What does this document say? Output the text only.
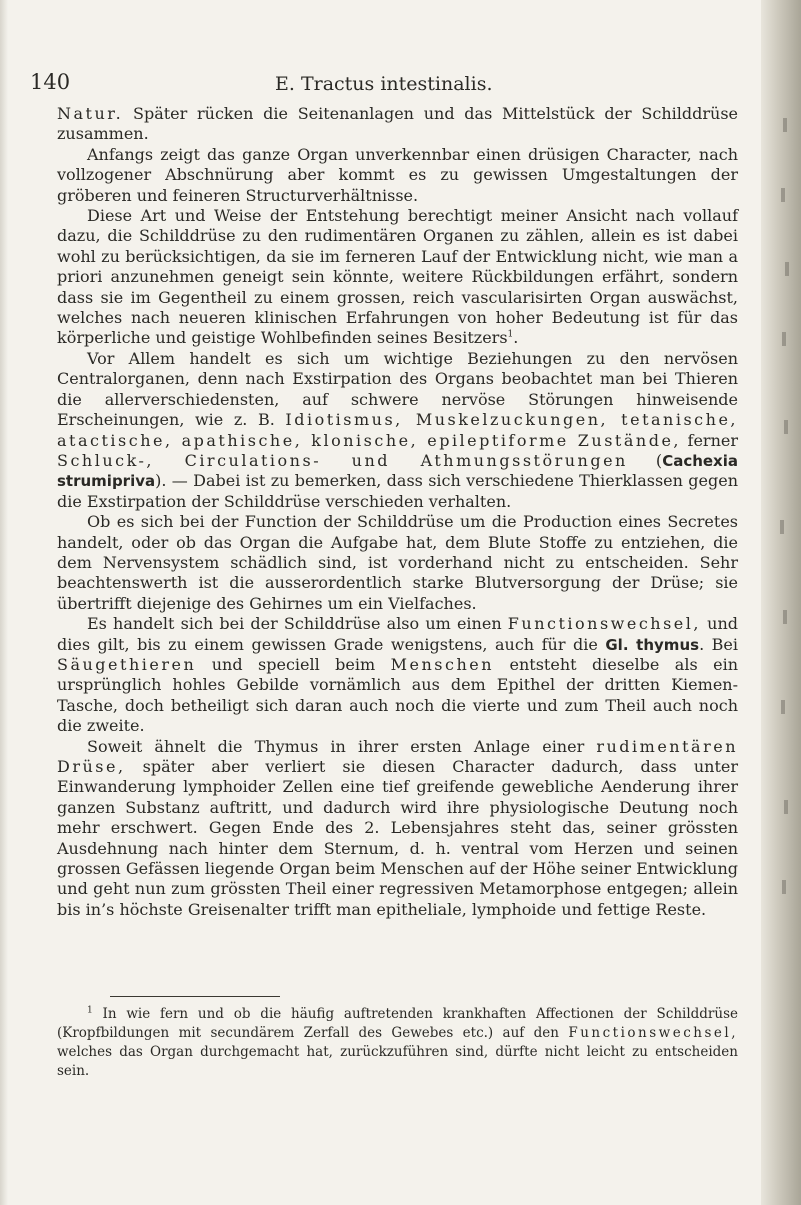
140	E. Tractus intestinalis.

Natur. Später rücken die Seitenanlagen und das Mittelstück der Schilddrüse zusammen.

Anfangs zeigt das ganze Organ unverkennbar einen drüsigen Character, nach vollzogener Abschnürung aber kommt es zu gewissen Umgestaltungen der gröberen und feineren Structurverhältnisse.

Diese Art und Weise der Entstehung berechtigt meiner Ansicht nach vollauf dazu, die Schilddrüse zu den rudimentären Organen zu zählen, allein es ist dabei wohl zu berücksichtigen, da sie im ferneren Lauf der Entwicklung nicht, wie man a priori anzunehmen geneigt sein könnte, weitere Rückbildungen erfährt, sondern dass sie im Gegentheil zu einem grossen, reich vascularisirten Organ auswächst, welches nach neueren klinischen Erfahrungen von hoher Bedeutung ist für das körperliche und geistige Wohlbefinden seines Besitzers$^1$.

Vor Allem handelt es sich um wichtige Beziehungen zu den nervösen Centralorganen, denn nach Exstirpation des Organs beobachtet man bei Thieren die allerverschiedensten, auf schwere nervöse Störungen hinweisende Erscheinungen, wie z. B. Idiotismus, Muskelzuckungen, tetanische, atactische, apathische, klonische, epileptiforme Zustände, ferner Schluck-, Circulations- und Athmungsstörungen (Cachexia strumipriva). — Dabei ist zu bemerken, dass sich verschiedene Thierklassen gegen die Exstirpation der Schilddrüse verschieden verhalten.

Ob es sich bei der Function der Schilddrüse um die Production eines Secretes handelt, oder ob das Organ die Aufgabe hat, dem Blute Stoffe zu entziehen, die dem Nervensystem schädlich sind, ist vorderhand nicht zu entscheiden. Sehr beachtenswerth ist die ausserordentlich starke Blutversorgung der Drüse; sie übertrifft diejenige des Gehirnes um ein Vielfaches.

Es handelt sich bei der Schilddrüse also um einen Functionswechsel, und dies gilt, bis zu einem gewissen Grade wenigstens, auch für die Gl. thymus. Bei Säugethieren und speciell beim Menschen entsteht dieselbe als ein ursprünglich hohles Gebilde vornämlich aus dem Epithel der dritten Kiemen-Tasche, doch betheiligt sich daran auch noch die vierte und zum Theil auch noch die zweite.

Soweit ähnelt die Thymus in ihrer ersten Anlage einer rudimentären Drüse, später aber verliert sie diesen Character dadurch, dass unter Einwanderung lymphoider Zellen eine tief greifende gewebliche Aenderung ihrer ganzen Substanz auftritt, und dadurch wird ihre physiologische Deutung noch mehr erschwert. Gegen Ende des 2. Lebensjahres steht das, seiner grössten Ausdehnung nach hinter dem Sternum, d. h. ventral vom Herzen und seinen grossen Gefässen liegende Organ beim Menschen auf der Höhe seiner Entwicklung und geht nun zum grössten Theil einer regressiven Metamorphose entgegen; allein bis in’s höchste Greisenalter trifft man epitheliale, lymphoide und fettige Reste.

$^1$ In wie fern und ob die häufig auftretenden krankhaften Affectionen der Schilddrüse (Kropfbildungen mit secundärem Zerfall des Gewebes etc.) auf den Functionswechsel, welches das Organ durchgemacht hat, zurückzuführen sind, dürfte nicht leicht zu entscheiden sein.
